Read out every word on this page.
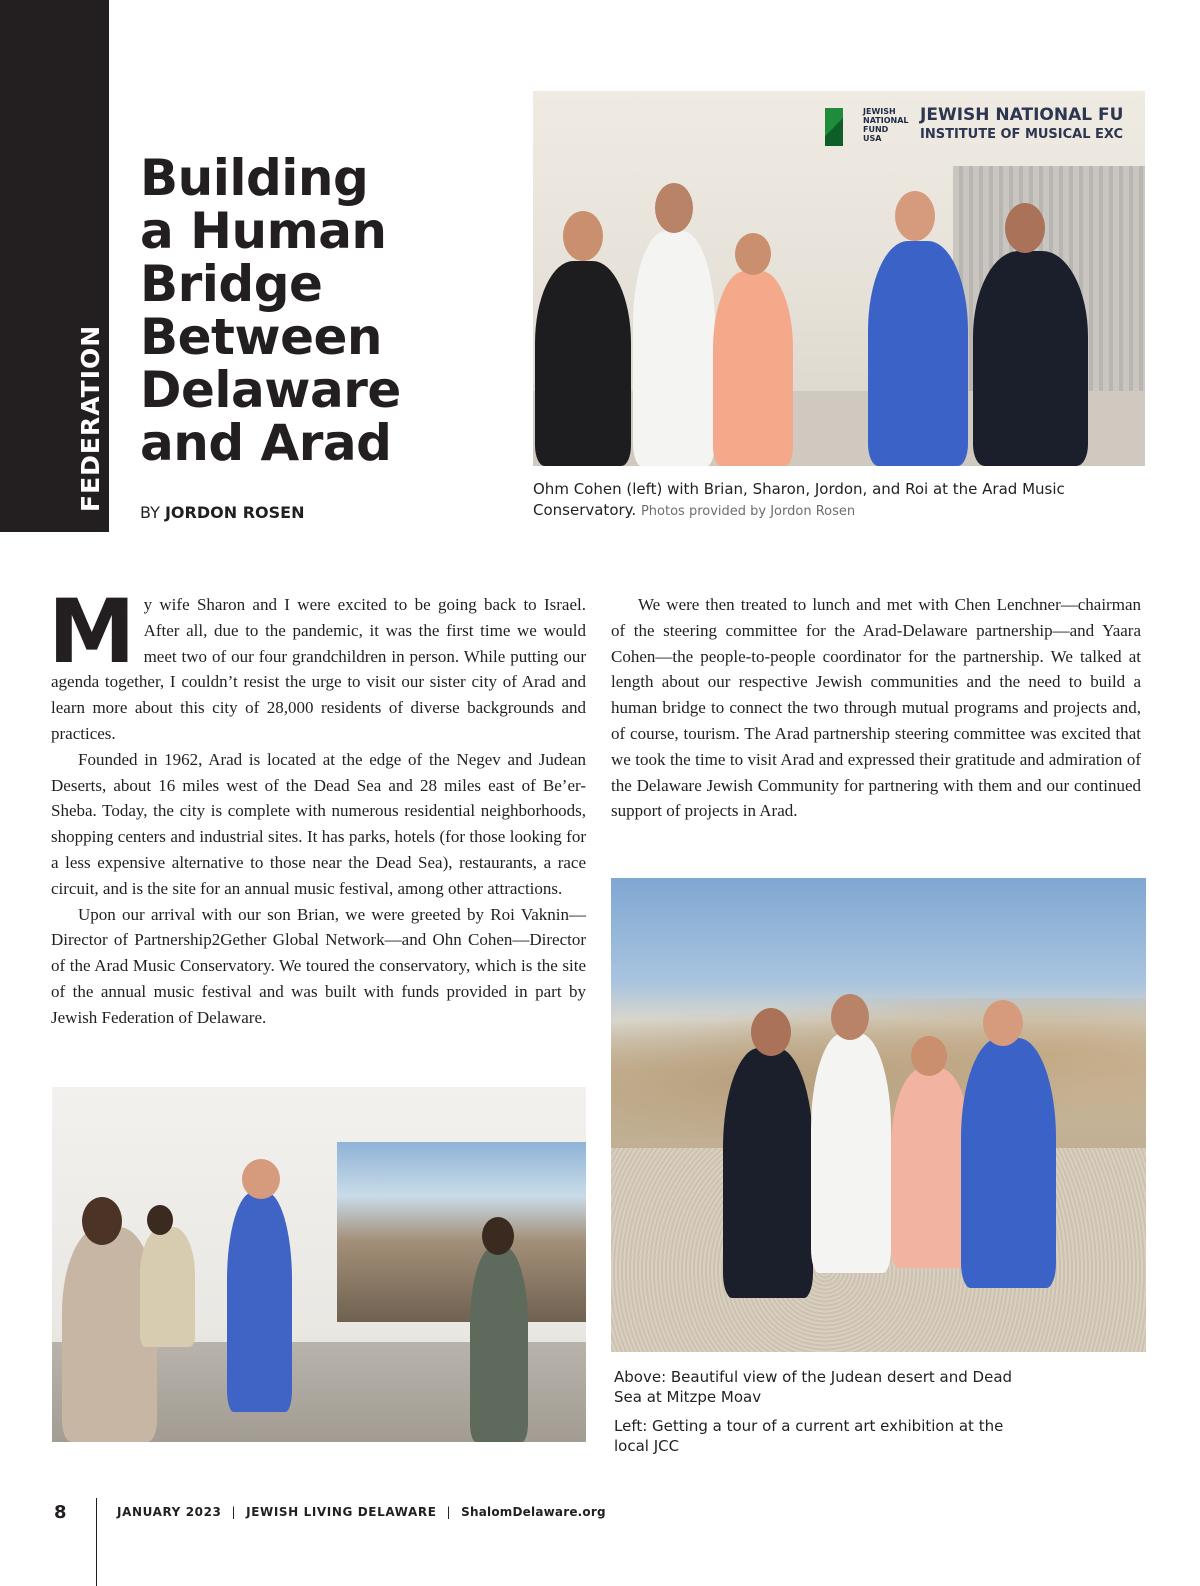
FEDERATION
Building
a Human
Bridge
Between
Delaware
and Arad
BY JORDON ROSEN
JEWISH
NATIONAL
FUND
USA
JEWISH NATIONAL FU
INSTITUTE OF MUSICAL EXC
Ohm Cohen (left) with Brian, Sharon, Jordon, and Roi at the Arad Music Conservatory. Photos provided by Jordon Rosen

My wife Sharon and I were excited to be going back to Israel. After all, due to the pandemic, it was the first time we would meet two of our four grandchildren in person. While putting our agenda together, I couldn’t resist the urge to visit our sister city of Arad and learn more about this city of 28,000 residents of diverse backgrounds and practices.

Founded in 1962, Arad is located at the edge of the Negev and Judean Deserts, about 16 miles west of the Dead Sea and 28 miles east of Be’er-Sheba. Today, the city is complete with numerous residential neighborhoods, shopping centers and industrial sites. It has parks, hotels (for those looking for a less expensive alternative to those near the Dead Sea), restaurants, a race circuit, and is the site for an annual music festival, among other attractions.

Upon our arrival with our son Brian, we were greeted by Roi Vaknin—Director of Partnership2Gether Global Network—and Ohn Cohen—Director of the Arad Music Conservatory. We toured the conservatory, which is the site of the annual music festival and was built with funds provided in part by Jewish Federation of Delaware.

We were then treated to lunch and met with Chen Lenchner—chairman of the steering committee for the Arad-Delaware partnership—and Yaara Cohen—the people-to-people coordinator for the partnership. We talked at length about our respective Jewish communities and the need to build a human bridge to connect the two through mutual programs and projects and, of course, tourism. The Arad partnership steering committee was excited that we took the time to visit Arad and expressed their gratitude and admiration of the Delaware Jewish Community for partnering with them and our continued support of projects in Arad.

Above: Beautiful view of the Judean desert and Dead Sea at Mitzpe Moav
Left: Getting a tour of a current art exhibition at the local JCC
8	JANUARY 2023 | JEWISH LIVING DELAWARE | ShalomDelaware.org
